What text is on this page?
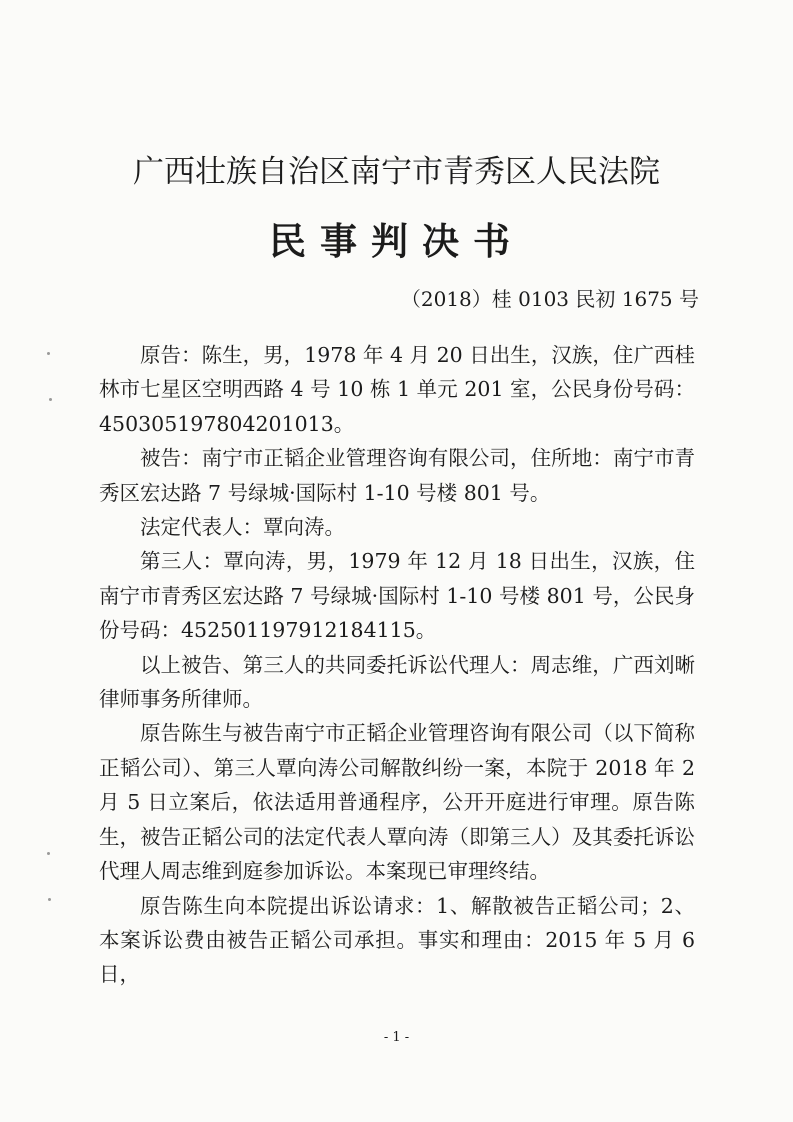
广西壮族自治区南宁市青秀区人民法院
民事判决书
（2018）桂 0103 民初 1675 号

原告：陈生，男，1978 年 4 月 20 日出生，汉族，住广西桂林市七星区空明西路 4 号 10 栋 1 单元 201 室，公民身份号码：450305197804201013。

被告：南宁市正韬企业管理咨询有限公司，住所地：南宁市青秀区宏达路 7 号绿城·国际村 1-10 号楼 801 号。

法定代表人：覃向涛。

第三人：覃向涛，男，1979 年 12 月 18 日出生，汉族，住南宁市青秀区宏达路 7 号绿城·国际村 1-10 号楼 801 号，公民身份号码：452501197912184115。

以上被告、第三人的共同委托诉讼代理人：周志维，广西刘晰律师事务所律师。

原告陈生与被告南宁市正韬企业管理咨询有限公司（以下简称正韬公司）、第三人覃向涛公司解散纠纷一案，本院于 2018 年 2 月 5 日立案后，依法适用普通程序，公开开庭进行审理。原告陈生，被告正韬公司的法定代表人覃向涛（即第三人）及其委托诉讼代理人周志维到庭参加诉讼。本案现已审理终结。

原告陈生向本院提出诉讼请求：1、解散被告正韬公司；2、本案诉讼费由被告正韬公司承担。事实和理由：2015 年 5 月 6 日，

- 1 -
